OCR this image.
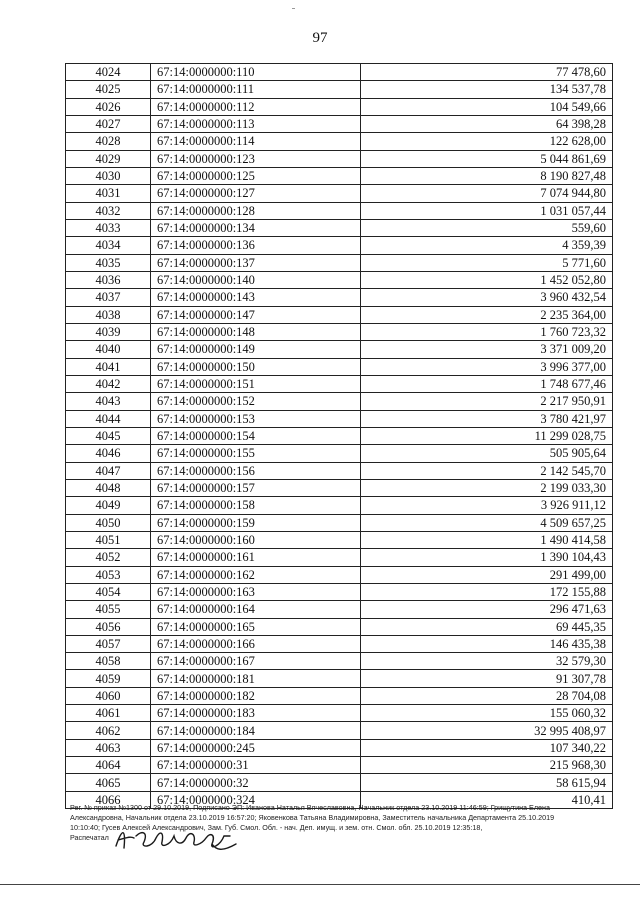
97
4024	67:14:0000000:110	77 478,60
4025	67:14:0000000:111	134 537,78
4026	67:14:0000000:112	104 549,66
4027	67:14:0000000:113	64 398,28
4028	67:14:0000000:114	122 628,00
4029	67:14:0000000:123	5 044 861,69
4030	67:14:0000000:125	8 190 827,48
4031	67:14:0000000:127	7 074 944,80
4032	67:14:0000000:128	1 031 057,44
4033	67:14:0000000:134	559,60
4034	67:14:0000000:136	4 359,39
4035	67:14:0000000:137	5 771,60
4036	67:14:0000000:140	1 452 052,80
4037	67:14:0000000:143	3 960 432,54
4038	67:14:0000000:147	2 235 364,00
4039	67:14:0000000:148	1 760 723,32
4040	67:14:0000000:149	3 371 009,20
4041	67:14:0000000:150	3 996 377,00
4042	67:14:0000000:151	1 748 677,46
4043	67:14:0000000:152	2 217 950,91
4044	67:14:0000000:153	3 780 421,97
4045	67:14:0000000:154	11 299 028,75
4046	67:14:0000000:155	505 905,64
4047	67:14:0000000:156	2 142 545,70
4048	67:14:0000000:157	2 199 033,30
4049	67:14:0000000:158	3 926 911,12
4050	67:14:0000000:159	4 509 657,25
4051	67:14:0000000:160	1 490 414,58
4052	67:14:0000000:161	1 390 104,43
4053	67:14:0000000:162	291 499,00
4054	67:14:0000000:163	172 155,88
4055	67:14:0000000:164	296 471,63
4056	67:14:0000000:165	69 445,35
4057	67:14:0000000:166	146 435,38
4058	67:14:0000000:167	32 579,30
4059	67:14:0000000:181	91 307,78
4060	67:14:0000000:182	28 704,08
4061	67:14:0000000:183	155 060,32
4062	67:14:0000000:184	32 995 408,97
4063	67:14:0000000:245	107 340,22
4064	67:14:0000000:31	215 968,30
4065	67:14:0000000:32	58 615,94
4066	67:14:0000000:324	410,41

Рег. № приказ №1300 от 29.10.2019, Подписано ЭП: Иванова Наталья Вячеславовна, Начальник отдела 23.10.2019 11:46:59; Грищутина Елена

Александровна, Начальник отдела 23.10.2019 16:57:20; Яковенкова Татьяна Владимировна, Заместитель начальника Департамента 25.10.2019

10:10:40; Гусев Алексей Александрович, Зам. Губ. Смол. Обл. - нач. Деп. имущ. и зем. отн. Смол. обл. 25.10.2019 12:35:18,

Распечатал
